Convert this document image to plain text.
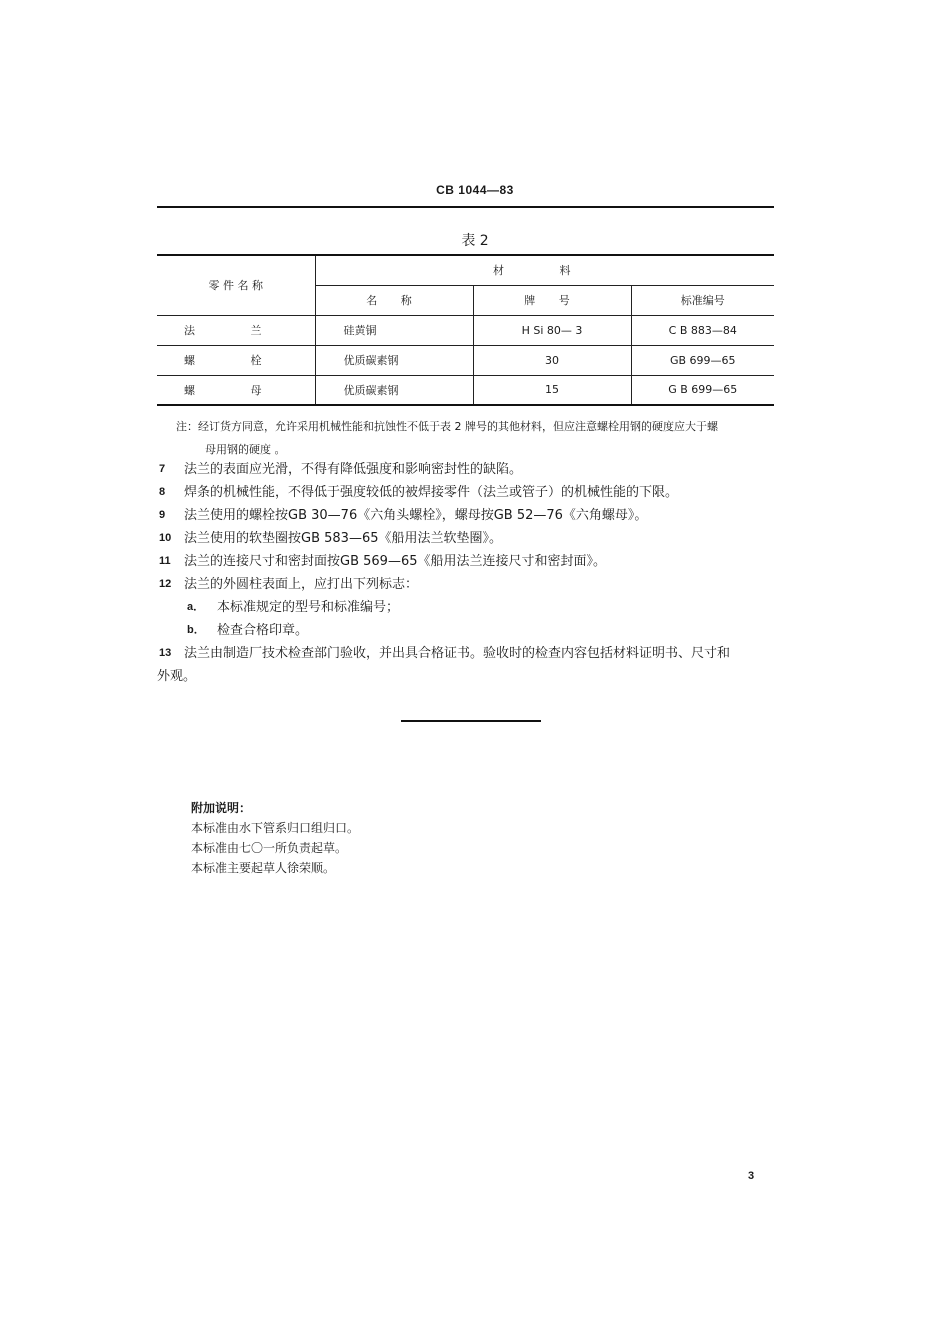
CB 1044—83
表 2
零 件 名 称	材 料		
	名 称	牌 号	标准编号
法 兰	硅黄铜	H Si 80— 3	C B 883—84
螺 栓	优质碳素钢	30	GB 699—65
螺 母	优质碳素钢	15	G B 699—65
注：经订货方同意，允许采用机械性能和抗蚀性不低于表 2 牌号的其他材料，但应注意螺栓用钢的硬度应大于螺
母用钢的硬度 。
7 法兰的表面应光滑，不得有降低强度和影响密封性的缺陷。
8 焊条的机械性能，不得低于强度较低的被焊接零件（法兰或管子）的机械性能的下限。
9 法兰使用的螺栓按GB 30—76《六角头螺栓》，螺母按GB 52—76《六角螺母》。
10 法兰使用的软垫圈按GB 583—65《船用法兰软垫圈》。
11 法兰的连接尺寸和密封面按GB 569—65《船用法兰连接尺寸和密封面》。
12 法兰的外圆柱表面上，应打出下列标志：
a． 本标准规定的型号和标准编号；
b． 检查合格印章。
13 法兰由制造厂技术检查部门验收，并出具合格证书。验收时的检查内容包括材料证明书、尺寸和
外观。
附加说明：
本标准由水下管系归口组归口。
本标准由七〇一所负责起草。
本标准主要起草人徐荣顺。
3
